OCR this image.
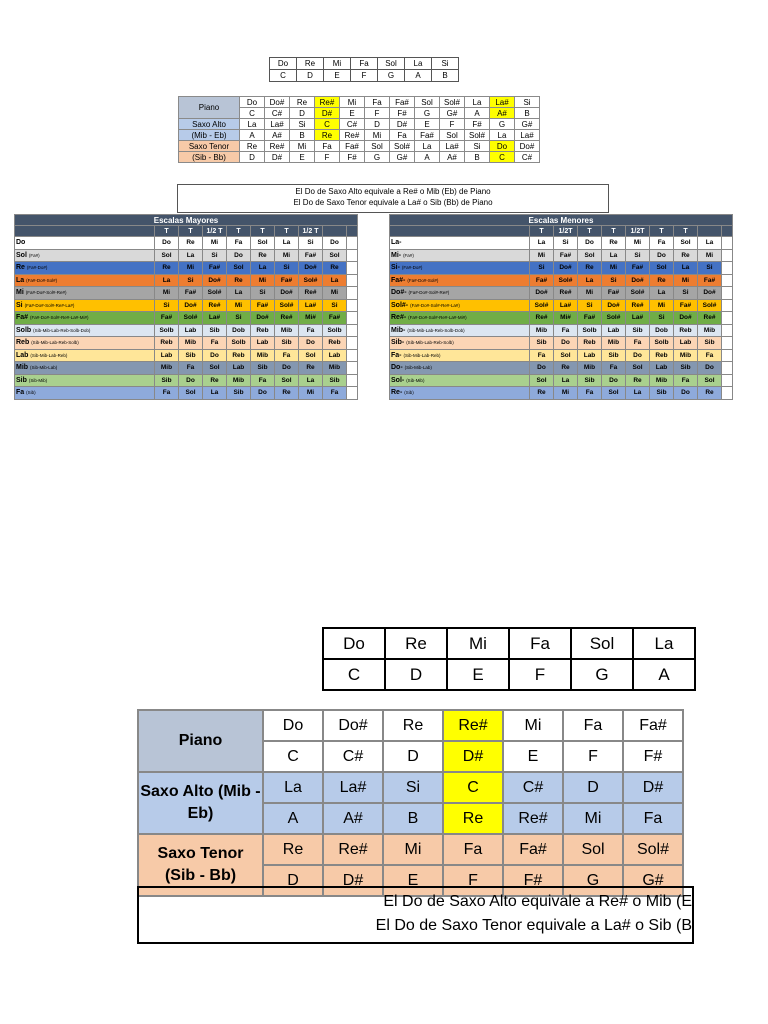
Do	Re	Mi	Fa	Sol	La	Si
C	D	E	F	G	A	B
Piano	Do	Do#	Re	Re#	Mi	Fa	Fa#	Sol	Sol#	La	La#	Si
	C	C#	D	D#	E	F	F#	G	G#	A	A#	B
Saxo Alto	La	La#	Si	C	C#	D	D#	E	F	F#	G	G#
(Mib - Eb)	A	A#	B	Re	Re#	Mi	Fa	Fa#	Sol	Sol#	La	La#
Saxo Tenor	Re	Re#	Mi	Fa	Fa#	Sol	Sol#	La	La#	Si	Do	Do#
(Sib - Bb)	D	D#	E	F	F#	G	G#	A	A#	B	C	C#
El Do de Saxo Alto equivale a Re# o Mib (Eb) de Piano
El Do de Saxo Tenor equivale a La# o Sib (Bb) de Piano
Escalas Mayores									
	T	T	1/2 T	T	T	T	1/2 T		
Do	Do	Re	Mi	Fa	Sol	La	Si	Do	
Sol (Fa#)	Sol	La	Si	Do	Re	Mi	Fa#	Sol	
Re (Fa#-Do#)	Re	Mi	Fa#	Sol	La	Si	Do#	Re	
La (Fa#-Do#-Sol#)	La	Si	Do#	Re	Mi	Fa#	Sol#	La	
Mi (Fa#-Do#-Sol#-Re#)	Mi	Fa#	Sol#	La	Si	Do#	Re#	Mi	
Si (Fa#-Do#-Sol#-Re#-La#)	Si	Do#	Re#	Mi	Fa#	Sol#	La#	Si	
Fa# (Fa#-Do#-Sol#-Re#-La#-Mi#)	Fa#	Sol#	La#	Si	Do#	Re#	Mi#	Fa#	
Solb (Sib-Mib-Lab-Reb-Solb-Dob)	Solb	Lab	Sib	Dob	Reb	Mib	Fa	Solb	
Reb (Sib-Mib-Lab-Reb-Solb)	Reb	Mib	Fa	Solb	Lab	Sib	Do	Reb	
Lab (Sib-Mib-Lab-Reb)	Lab	Sib	Do	Reb	Mib	Fa	Sol	Lab	
Mib (Sib-Mib-Lab)	Mib	Fa	Sol	Lab	Sib	Do	Re	Mib	
Sib (Sib-Mib)	Sib	Do	Re	Mib	Fa	Sol	La	Sib	
Fa (Sib)	Fa	Sol	La	Sib	Do	Re	Mi	Fa	
Escalas Menores									
	T	1/2T	T	T	1/2T	T	T		
La-	La	Si	Do	Re	Mi	Fa	Sol	La	
Mi- (Fa#)	Mi	Fa#	Sol	La	Si	Do	Re	Mi	
Si- (Fa#-Do#)	Si	Do#	Re	Mi	Fa#	Sol	La	Si	
Fa#- (Fa#-Do#-Sol#)	Fa#	Sol#	La	Si	Do#	Re	Mi	Fa#	
Do#- (Fa#-Do#-Sol#-Re#)	Do#	Re#	Mi	Fa#	Sol#	La	Si	Do#	
Sol#- (Fa#-Do#-Sol#-Re#-La#)	Sol#	La#	Si	Do#	Re#	Mi	Fa#	Sol#	
Re#- (Fa#-Do#-Sol#-Re#-La#-Mi#)	Re#	Mi#	Fa#	Sol#	La#	Si	Do#	Re#	
Mib- (Sib-Mib-Lab-Reb-Solb-Dob)	Mib	Fa	Solb	Lab	Sib	Dob	Reb	Mib	
Sib- (Sib-Mib-Lab-Reb-Solb)	Sib	Do	Reb	Mib	Fa	Solb	Lab	Sib	
Fa- (Sib-Mib-Lab-Reb)	Fa	Sol	Lab	Sib	Do	Reb	Mib	Fa	
Do- (Sib-Mib-Lab)	Do	Re	Mib	Fa	Sol	Lab	Sib	Do	
Sol- (Sib-Mib)	Sol	La	Sib	Do	Re	Mib	Fa	Sol	
Re- (Sib)	Re	Mi	Fa	Sol	La	Sib	Do	Re	
Do	Re	Mi	Fa	Sol	La
C	D	E	F	G	A
Piano	Do	Do#	Re	Re#	Mi	Fa	Fa#
	C	C#	D	D#	E	F	F#
Saxo Alto (Mib - Eb)	La	La#	Si	C	C#	D	D#
	A	A#	B	Re	Re#	Mi	Fa

Saxo Tenor
(Sib - Bb)	Re	Re#	Mi	Fa	Fa#	Sol	Sol#
	D	D#	E	F	F#	G	G#
El Do de Saxo Alto equivale a Re# o Mib (E
El Do de Saxo Tenor equivale a La# o Sib (B
